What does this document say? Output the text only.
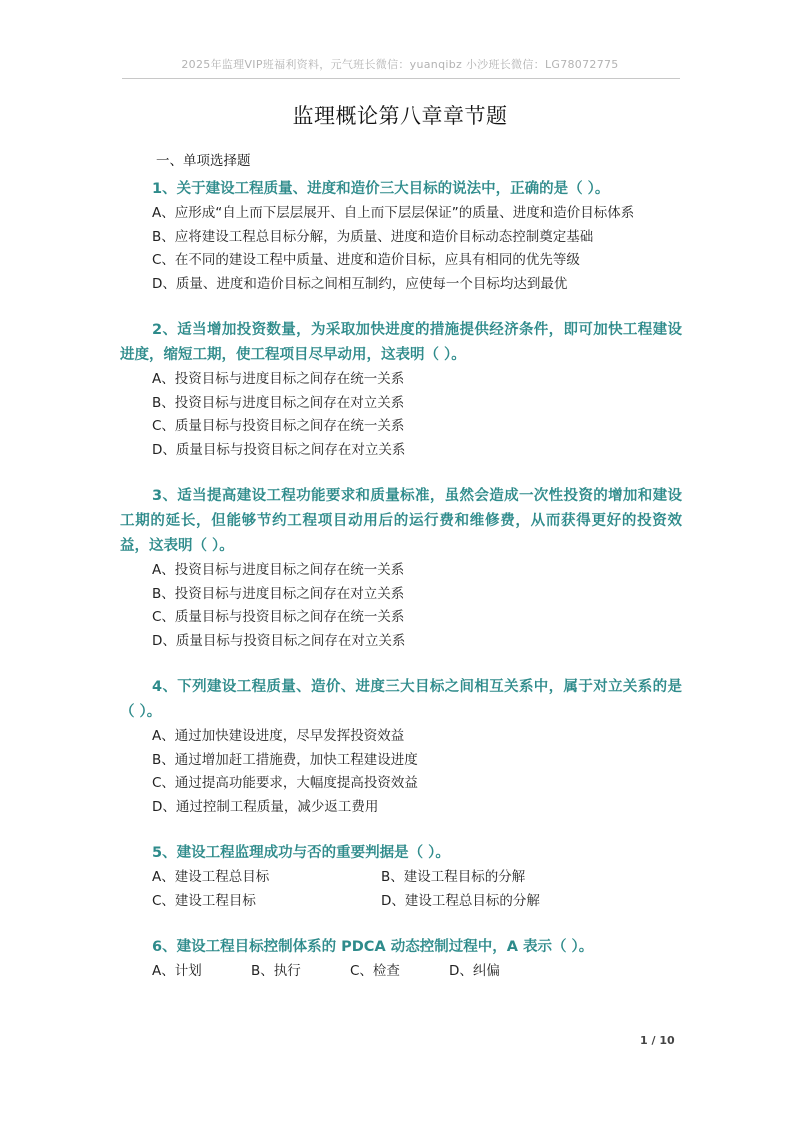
2025年监理VIP班福利资料，元气班长微信：yuanqibz 小沙班长微信：LG78072775
监理概论第八章章节题
一、单项选择题

1、关于建设工程质量、进度和造价三大目标的说法中，正确的是（ ）。

A、应形成“自上而下层层展开、自上而下层层保证”的质量、进度和造价目标体系

B、应将建设工程总目标分解，为质量、进度和造价目标动态控制奠定基础

C、在不同的建设工程中质量、进度和造价目标，应具有相同的优先等级

D、质量、进度和造价目标之间相互制约，应使每一个目标均达到最优

2、适当增加投资数量，为采取加快进度的措施提供经济条件，即可加快工程建设进度，缩短工期，使工程项目尽早动用，这表明（ ）。

A、投资目标与进度目标之间存在统一关系

B、投资目标与进度目标之间存在对立关系

C、质量目标与投资目标之间存在统一关系

D、质量目标与投资目标之间存在对立关系

3、适当提高建设工程功能要求和质量标准，虽然会造成一次性投资的增加和建设工期的延长，但能够节约工程项目动用后的运行费和维修费，从而获得更好的投资效益，这表明（ ）。

A、投资目标与进度目标之间存在统一关系

B、投资目标与进度目标之间存在对立关系

C、质量目标与投资目标之间存在统一关系

D、质量目标与投资目标之间存在对立关系

4、下列建设工程质量、造价、进度三大目标之间相互关系中，属于对立关系的是（ ）。

A、通过加快建设进度，尽早发挥投资效益

B、通过增加赶工措施费，加快工程建设进度

C、通过提高功能要求，大幅度提高投资效益

D、通过控制工程质量，减少返工费用

5、建设工程监理成功与否的重要判据是（ ）。

A、建设工程总目标	B、建设工程目标的分解
C、建设工程目标	D、建设工程总目标的分解

6、建设工程目标控制体系的 PDCA 动态控制过程中，A 表示（ ）。

A、计划	B、执行	C、检查	D、纠偏
1 / 10
